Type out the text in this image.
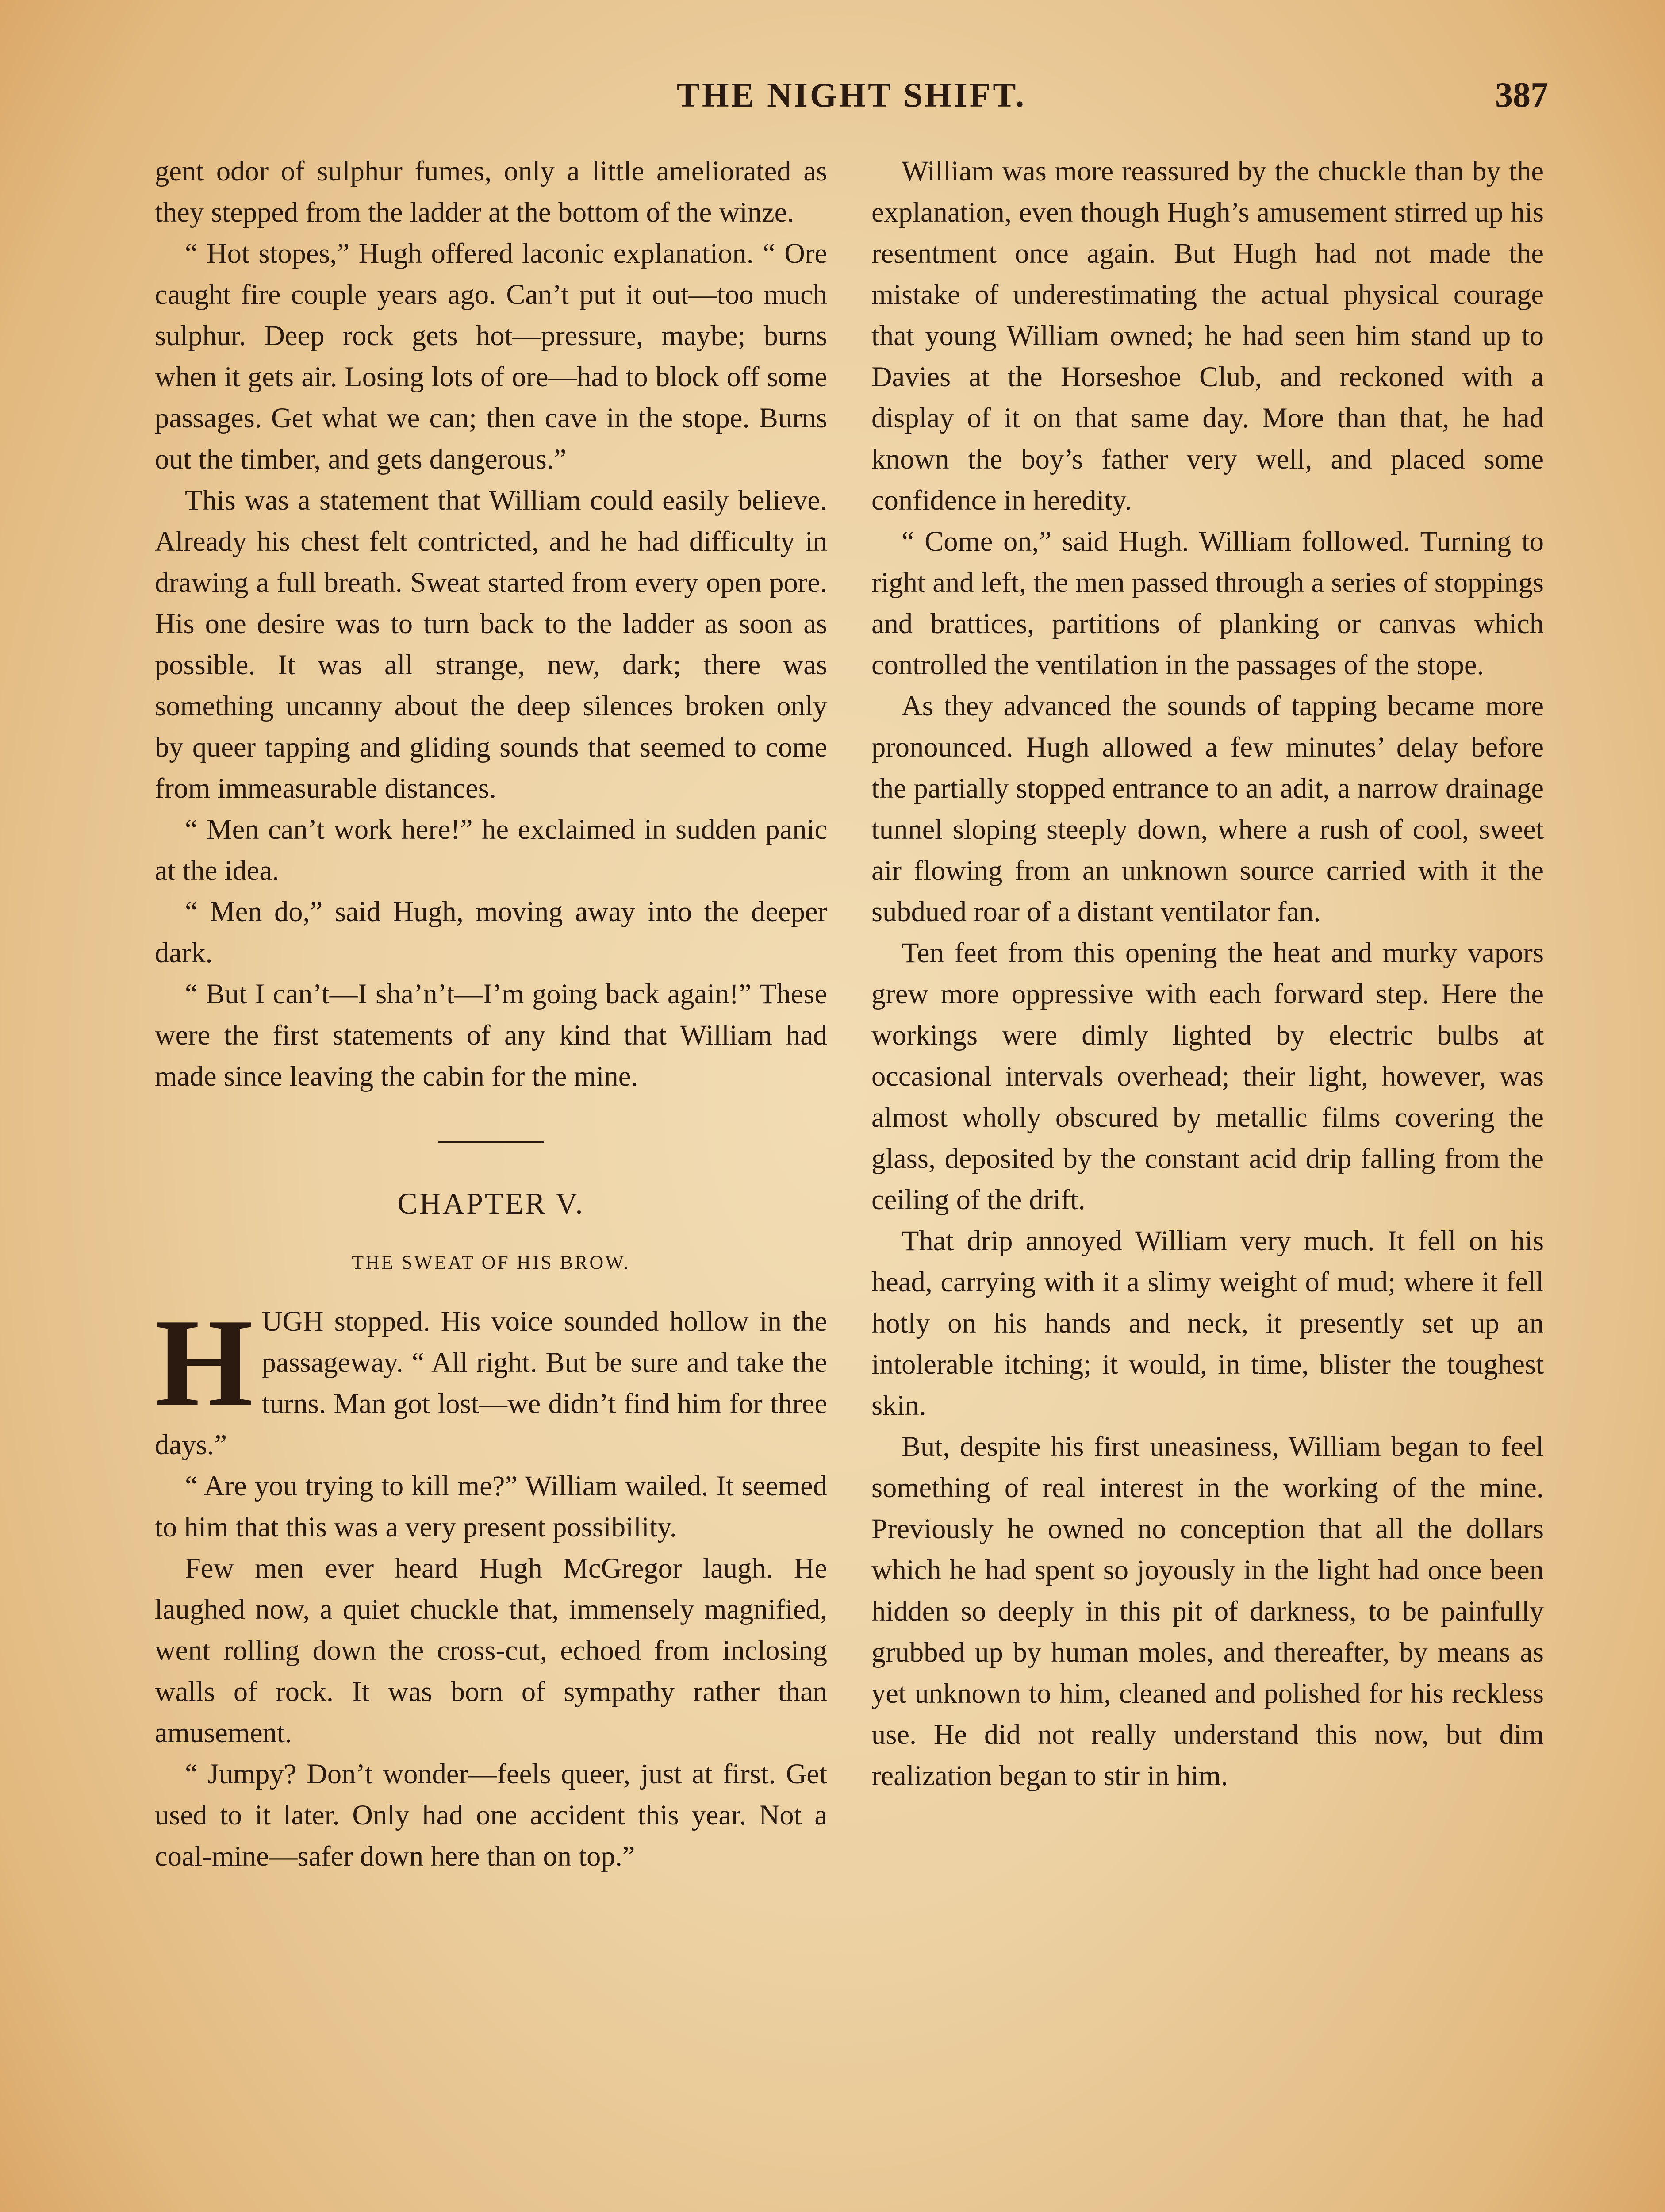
THE NIGHT SHIFT.	387

gent odor of sulphur fumes, only a little ameliorated as they stepped from the ladder at the bottom of the winze.

“ Hot stopes,” Hugh offered laconic explanation. “ Ore caught fire couple years ago. Can’t put it out—too much sulphur. Deep rock gets hot—pressure, maybe; burns when it gets air. Losing lots of ore—had to block off some passages. Get what we can; then cave in the stope. Burns out the timber, and gets dangerous.”

This was a statement that William could easily believe. Already his chest felt contricted, and he had difficulty in drawing a full breath. Sweat started from every open pore. His one desire was to turn back to the ladder as soon as possible. It was all strange, new, dark; there was something uncanny about the deep silences broken only by queer tapping and gliding sounds that seemed to come from immeasurable distances.

“ Men can’t work here!” he exclaimed in sudden panic at the idea.

“ Men do,” said Hugh, moving away into the deeper dark.

“ But I can’t—I sha’n’t—I’m going back again!” These were the first statements of any kind that William had made since leaving the cabin for the mine.

CHAPTER V.
THE SWEAT OF HIS BROW.

HUGH stopped. His voice sounded hollow in the passageway. “ All right. But be sure and take the turns. Man got lost—we didn’t find him for three days.”

“ Are you trying to kill me?” William wailed. It seemed to him that this was a very present possibility.

Few men ever heard Hugh McGregor laugh. He laughed now, a quiet chuckle that, immensely magnified, went rolling down the cross-cut, echoed from inclosing walls of rock. It was born of sympathy rather than amusement.

“ Jumpy? Don’t wonder—feels queer, just at first. Get used to it later. Only had one accident this year. Not a coal-mine—safer down here than on top.”

William was more reassured by the chuckle than by the explanation, even though Hugh’s amusement stirred up his resentment once again. But Hugh had not made the mistake of underestimating the actual physical courage that young William owned; he had seen him stand up to Davies at the Horseshoe Club, and reckoned with a display of it on that same day. More than that, he had known the boy’s father very well, and placed some confidence in heredity.

“ Come on,” said Hugh. William followed. Turning to right and left, the men passed through a series of stoppings and brattices, partitions of planking or canvas which controlled the ventilation in the passages of the stope.

As they advanced the sounds of tapping became more pronounced. Hugh allowed a few minutes’ delay before the partially stopped entrance to an adit, a narrow drainage tunnel sloping steeply down, where a rush of cool, sweet air flowing from an unknown source carried with it the subdued roar of a distant ventilator fan.

Ten feet from this opening the heat and murky vapors grew more oppressive with each forward step. Here the workings were dimly lighted by electric bulbs at occasional intervals overhead; their light, however, was almost wholly obscured by metallic films covering the glass, deposited by the constant acid drip falling from the ceiling of the drift.

That drip annoyed William very much. It fell on his head, carrying with it a slimy weight of mud; where it fell hotly on his hands and neck, it presently set up an intolerable itching; it would, in time, blister the toughest skin.

But, despite his first uneasiness, William began to feel something of real interest in the working of the mine. Previously he owned no conception that all the dollars which he had spent so joyously in the light had once been hidden so deeply in this pit of darkness, to be painfully grubbed up by human moles, and thereafter, by means as yet unknown to him, cleaned and polished for his reckless use. He did not really understand this now, but dim realization began to stir in him.
